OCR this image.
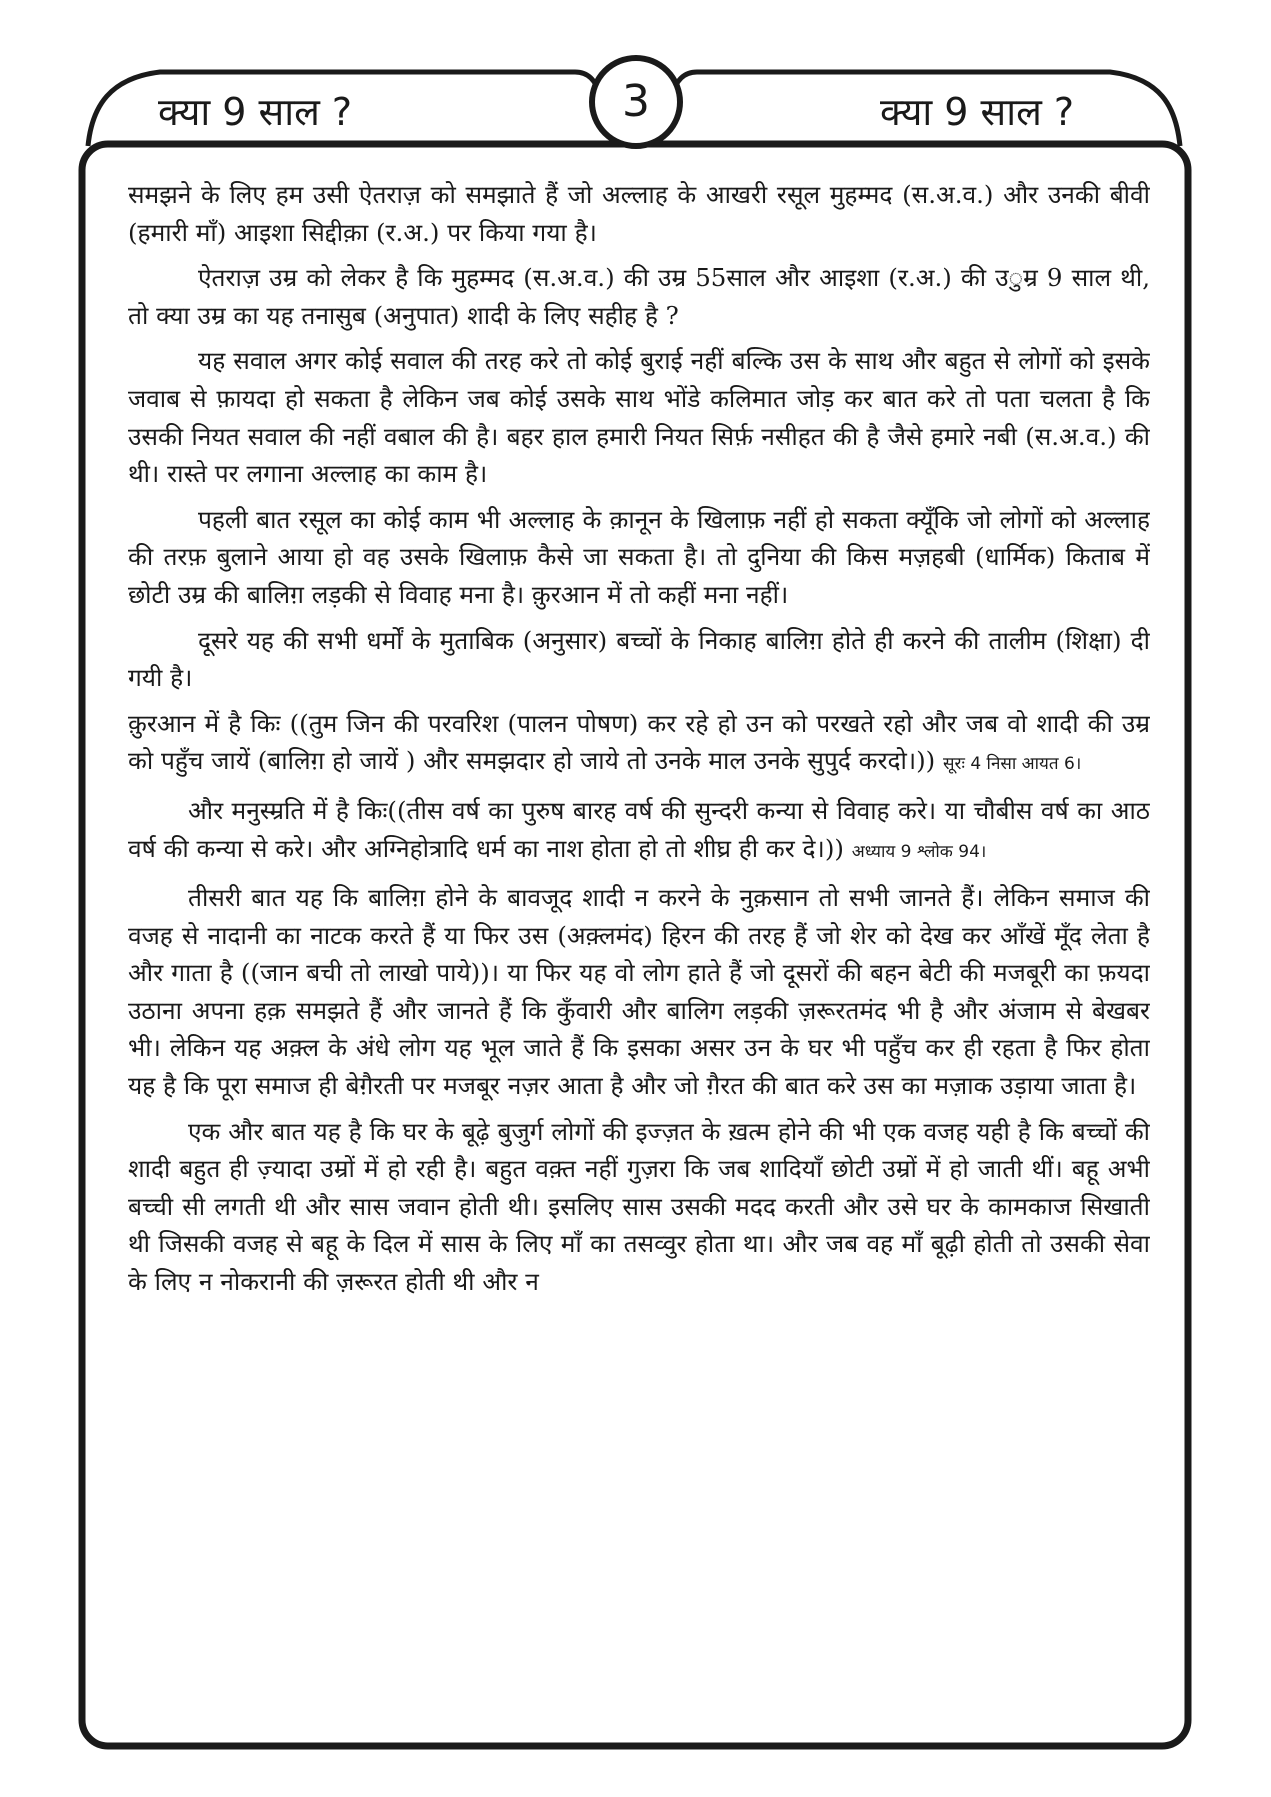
क्या 9 साल ?	3	क्या 9 साल ?

समझने के लिए हम उसी ऐतराज़ को समझाते हैं जो अल्लाह के आखरी रसूल मुहम्मद (स.अ.व.) और उनकी बीवी (हमारी माँ) आइशा सिद्दीक़ा (र.अ.) पर किया गया है।

ऐतराज़ उम्र को लेकर है कि मुहम्मद (स.अ.व.) की उम्र 55साल और आइशा (र.अ.) की उुम्र 9 साल थी, तो क्या उम्र का यह तनासुब (अनुपात) शादी के लिए सहीह है ?

यह सवाल अगर कोई सवाल की तरह करे तो कोई बुराई नहीं बल्कि उस के साथ और बहुत से लोगों को इसके जवाब से फ़ायदा हो सकता है लेकिन जब कोई उसके साथ भोंडे कलिमात जोड़ कर बात करे तो पता चलता है कि उसकी नियत सवाल की नहीं वबाल की है। बहर हाल हमारी नियत सिर्फ़ नसीहत की है जैसे हमारे नबी (स.अ.व.) की थी। रास्ते पर लगाना अल्लाह का काम है।

पहली बात रसूल का कोई काम भी अल्लाह के क़ानून के खिलाफ़ नहीं हो सकता क्यूँकि जो लोगों को अल्लाह की तरफ़ बुलाने आया हो वह उसके खिलाफ़ कैसे जा सकता है। तो दुनिया की किस मज़हबी (धार्मिक) किताब में छोटी उम्र की बालिग़ लड़की से विवाह मना है। क़ुरआन में तो कहीं मना नहीं।

दूसरे यह की सभी धर्मों के मुताबिक (अनुसार) बच्चों के निकाह बालिग़ होते ही करने की तालीम (शिक्षा) दी गयी है।

क़ुरआन में है किः ((तुम जिन की परवरिश (पालन पोषण) कर रहे हो उन को परखते रहो और जब वो शादी की उम्र को पहुँच जायें (बालिग़ हो जायें ) और समझदार हो जाये तो उनके माल उनके सुपुर्द करदो।)) सूरः 4 निसा आयत 6।

और मनुस्म्रति में है किः((तीस वर्ष का पुरुष बारह वर्ष की सुन्दरी कन्या से विवाह करे। या चौबीस वर्ष का आठ वर्ष की कन्या से करे। और अग्निहोत्रादि धर्म का नाश होता हो तो शीघ्र ही कर दे।)) अध्याय 9 श्लोक 94।

तीसरी बात यह कि बालिग़ होने के बावजूद शादी न करने के नुक़सान तो सभी जानते हैं। लेकिन समाज की वजह से नादानी का नाटक करते हैं या फिर उस (अक़्लमंद) हिरन की तरह हैं जो शेर को देख कर आँखें मूँद लेता है और गाता है ((जान बची तो लाखो पाये))। या फिर यह वो लोग हाते हैं जो दूसरों की बहन बेटी की मजबूरी का फ़यदा उठाना अपना हक़ समझते हैं और जानते हैं कि कुँवारी और बालिग लड़की ज़रूरतमंद भी है और अंजाम से बेखबर भी। लेकिन यह अक़्ल के अंधे लोग यह भूल जाते हैं कि इसका असर उन के घर भी पहुँच कर ही रहता है फिर होता यह है कि पूरा समाज ही बेग़ैरती पर मजबूर नज़र आता है और जो ग़ैरत की बात करे उस का मज़ाक उड़ाया जाता है।

एक और बात यह है कि घर के बूढ़े बुजुर्ग लोगों की इज्ज़त के ख़त्म होने की भी एक वजह यही है कि बच्चों की शादी बहुत ही ज़्यादा उम्रों में हो रही है। बहुत वक़्त नहीं गुज़रा कि जब शादियाँ छोटी उम्रों में हो जाती थीं। बहू अभी बच्ची सी लगती थी और सास जवान होती थी। इसलिए सास उसकी मदद करती और उसे घर के कामकाज सिखाती थी जिसकी वजह से बहू के दिल में सास के लिए माँ का तसव्वुर होता था। और जब वह माँ बूढ़ी होती तो उसकी सेवा के लिए न नोकरानी की ज़रूरत होती थी और न
